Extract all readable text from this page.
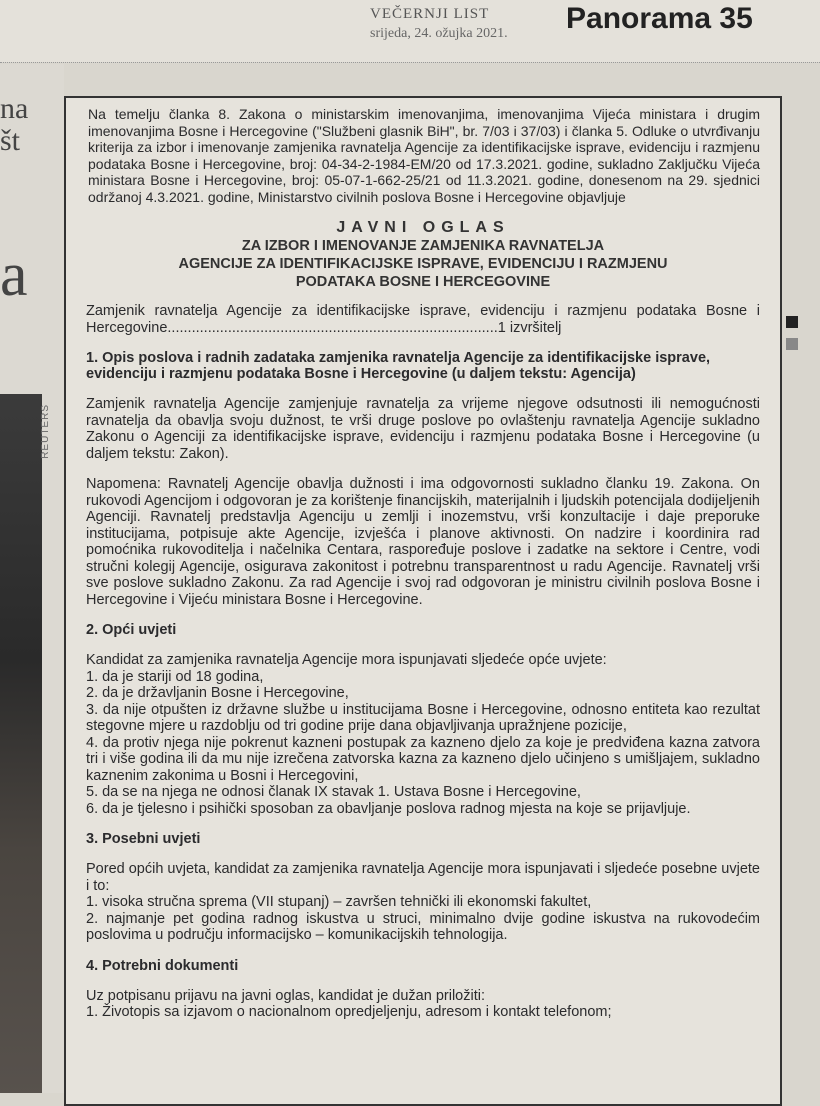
VEČERNJI LIST
srijeda, 24. ožujka 2021. Panorama 35
na
št
a
REUTERS

Na temelju članka 8. Zakona o ministarskim imenovanjima, imenovanjima Vijeća ministara i drugim imenovanjima Bosne i Hercegovine ("Službeni glasnik BiH", br. 7/03 i 37/03) i članka 5. Odluke o utvrđivanju kriterija za izbor i imenovanje zamjenika ravnatelja Agencije za identifikacijske isprave, evidenciju i razmjenu podataka Bosne i Hercegovine, broj: 04-34-2-1984-EM/20 od 17.3.2021. godine, sukladno Zaključku Vijeća ministara Bosne i Hercegovine, broj: 05-07-1-662-25/21 od 11.3.2021. godine, donesenom na 29. sjednici održanoj 4.3.2021. godine, Ministarstvo civilnih poslova Bosne i Hercegovine objavljuje

JAVNI OGLAS
ZA IZBOR I IMENOVANJE ZAMJENIKA RAVNATELJA
AGENCIJE ZA IDENTIFIKACIJSKE ISPRAVE, EVIDENCIJU I RAZMJENU
PODATAKA BOSNE I HERCEGOVINE

Zamjenik ravnatelja Agencije za identifikacijske isprave, evidenciju i razmjenu podataka Bosne i Hercegovine..................................................................................1 izvršitelj

1. Opis poslova i radnih zadataka zamjenika ravnatelja Agencije za identifikacijske isprave, evidenciju i razmjenu podataka Bosne i Hercegovine (u daljem tekstu: Agencija)

Zamjenik ravnatelja Agencije zamjenjuje ravnatelja za vrijeme njegove odsutnosti ili nemogućnosti ravnatelja da obavlja svoju dužnost, te vrši druge poslove po ovlaštenju ravnatelja Agencije sukladno Zakonu o Agenciji za identifikacijske isprave, evidenciju i razmjenu podataka Bosne i Hercegovine (u daljem tekstu: Zakon).

Napomena: Ravnatelj Agencije obavlja dužnosti i ima odgovornosti sukladno članku 19. Zakona. On rukovodi Agencijom i odgovoran je za korištenje financijskih, materijalnih i ljudskih potencijala dodijeljenih Agenciji. Ravnatelj predstavlja Agenciju u zemlji i inozemstvu, vrši konzultacije i daje preporuke institucijama, potpisuje akte Agencije, izvješća i planove aktivnosti. On nadzire i koordinira rad pomoćnika rukovoditelja i načelnika Centara, raspoređuje poslove i zadatke na sektore i Centre, vodi stručni kolegij Agencije, osigurava zakonitost i potrebnu transparentnost u radu Agencije. Ravnatelj vrši sve poslove sukladno Zakonu. Za rad Agencije i svoj rad odgovoran je ministru civilnih poslova Bosne i Hercegovine i Vijeću ministara Bosne i Hercegovine.

2. Opći uvjeti
Kandidat za zamjenika ravnatelja Agencije mora ispunjavati sljedeće opće uvjete:
1. da je stariji od 18 godina,
2. da je državljanin Bosne i Hercegovine,
3. da nije otpušten iz državne službe u institucijama Bosne i Hercegovine, odnosno entiteta kao rezultat stegovne mjere u razdoblju od tri godine prije dana objavljivanja upražnjene pozicije,
4. da protiv njega nije pokrenut kazneni postupak za kazneno djelo za koje je predviđena kazna zatvora tri i više godina ili da mu nije izrečena zatvorska kazna za kazneno djelo učinjeno s umišljajem, sukladno kaznenim zakonima u Bosni i Hercegovini,
5. da se na njega ne odnosi članak IX stavak 1. Ustava Bosne i Hercegovine,
6. da je tjelesno i psihički sposoban za obavljanje poslova radnog mjesta na koje se prijavljuje.
3. Posebni uvjeti
Pored općih uvjeta, kandidat za zamjenika ravnatelja Agencije mora ispunjavati i sljedeće posebne uvjete i to:
1. visoka stručna sprema (VII stupanj) – završen tehnički ili ekonomski fakultet,
2. najmanje pet godina radnog iskustva u struci, minimalno dvije godine iskustva na rukovodećim poslovima u području informacijsko – komunikacijskih tehnologija.
4. Potrebni dokumenti
Uz potpisanu prijavu na javni oglas, kandidat je dužan priložiti:
1. Životopis sa izjavom o nacionalnom opredjeljenju, adresom i kontakt telefonom;
